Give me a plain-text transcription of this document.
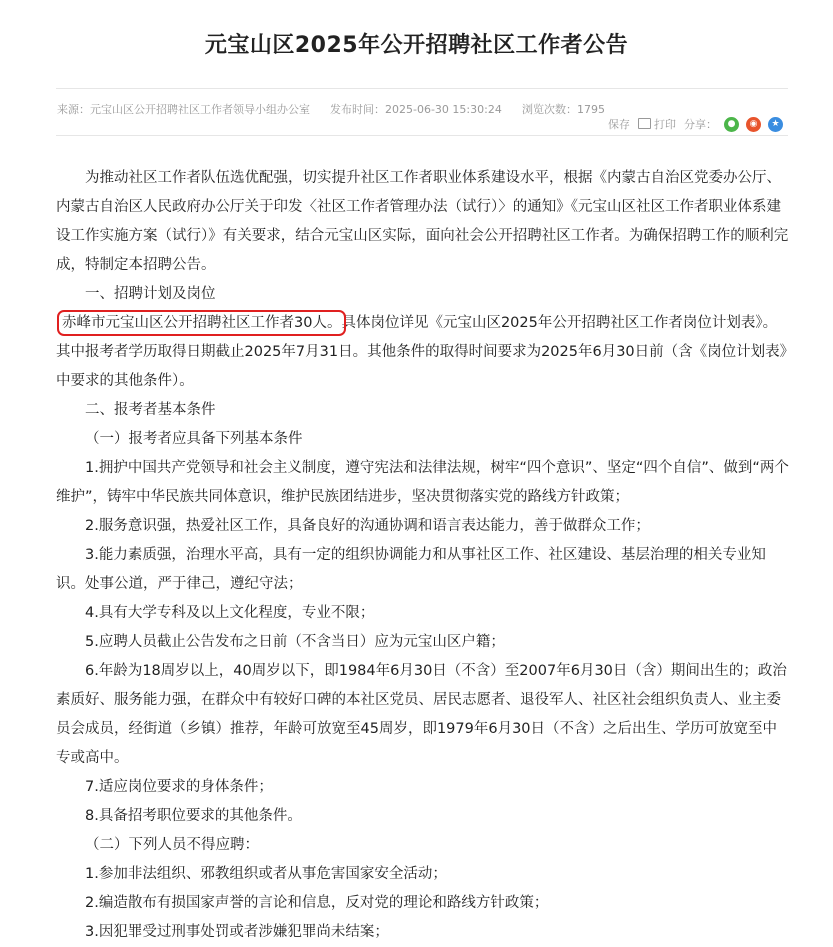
元宝山区2025年公开招聘社区工作者公告
来源：元宝山区公开招聘社区工作者领导小组办公室 发布时间：2025-06-30 15:30:24 浏览次数：1795
保存	打印 分享：	●	◉	★

为推动社区工作者队伍选优配强，切实提升社区工作者职业体系建设水平，根据《内蒙古自治区党委办公厅、内蒙古自治区人民政府办公厅关于印发〈社区工作者管理办法（试行）〉的通知》《元宝山区社区工作者职业体系建设工作实施方案（试行）》有关要求，结合元宝山区实际，面向社会公开招聘社区工作者。为确保招聘工作的顺利完成，特制定本招聘公告。

一、招聘计划及岗位

赤峰市元宝山区公开招聘社区工作者30人。具体岗位详见《元宝山区2025年公开招聘社区工作者岗位计划表》。其中报考者学历取得日期截止2025年7月31日。其他条件的取得时间要求为2025年6月30日前（含《岗位计划表》中要求的其他条件）。

二、报考者基本条件

（一）报考者应具备下列基本条件

1.拥护中国共产党领导和社会主义制度，遵守宪法和法律法规，树牢“四个意识”、坚定“四个自信”、做到“两个维护”，铸牢中华民族共同体意识，维护民族团结进步，坚决贯彻落实党的路线方针政策；

2.服务意识强，热爱社区工作，具备良好的沟通协调和语言表达能力，善于做群众工作；

3.能力素质强，治理水平高，具有一定的组织协调能力和从事社区工作、社区建设、基层治理的相关专业知识。处事公道，严于律己，遵纪守法；

4.具有大学专科及以上文化程度，专业不限；

5.应聘人员截止公告发布之日前（不含当日）应为元宝山区户籍；

6.年龄为18周岁以上，40周岁以下，即1984年6月30日（不含）至2007年6月30日（含）期间出生的；政治素质好、服务能力强，在群众中有较好口碑的本社区党员、居民志愿者、退役军人、社区社会组织负责人、业主委员会成员，经街道（乡镇）推荐，年龄可放宽至45周岁，即1979年6月30日（不含）之后出生、学历可放宽至中专或高中。

7.适应岗位要求的身体条件；

8.具备招考职位要求的其他条件。

（二）下列人员不得应聘：

1.参加非法组织、邪教组织或者从事危害国家安全活动；

2.编造散布有损国家声誉的言论和信息，反对党的理论和路线方针政策；

3.因犯罪受过刑事处罚或者涉嫌犯罪尚未结案；
